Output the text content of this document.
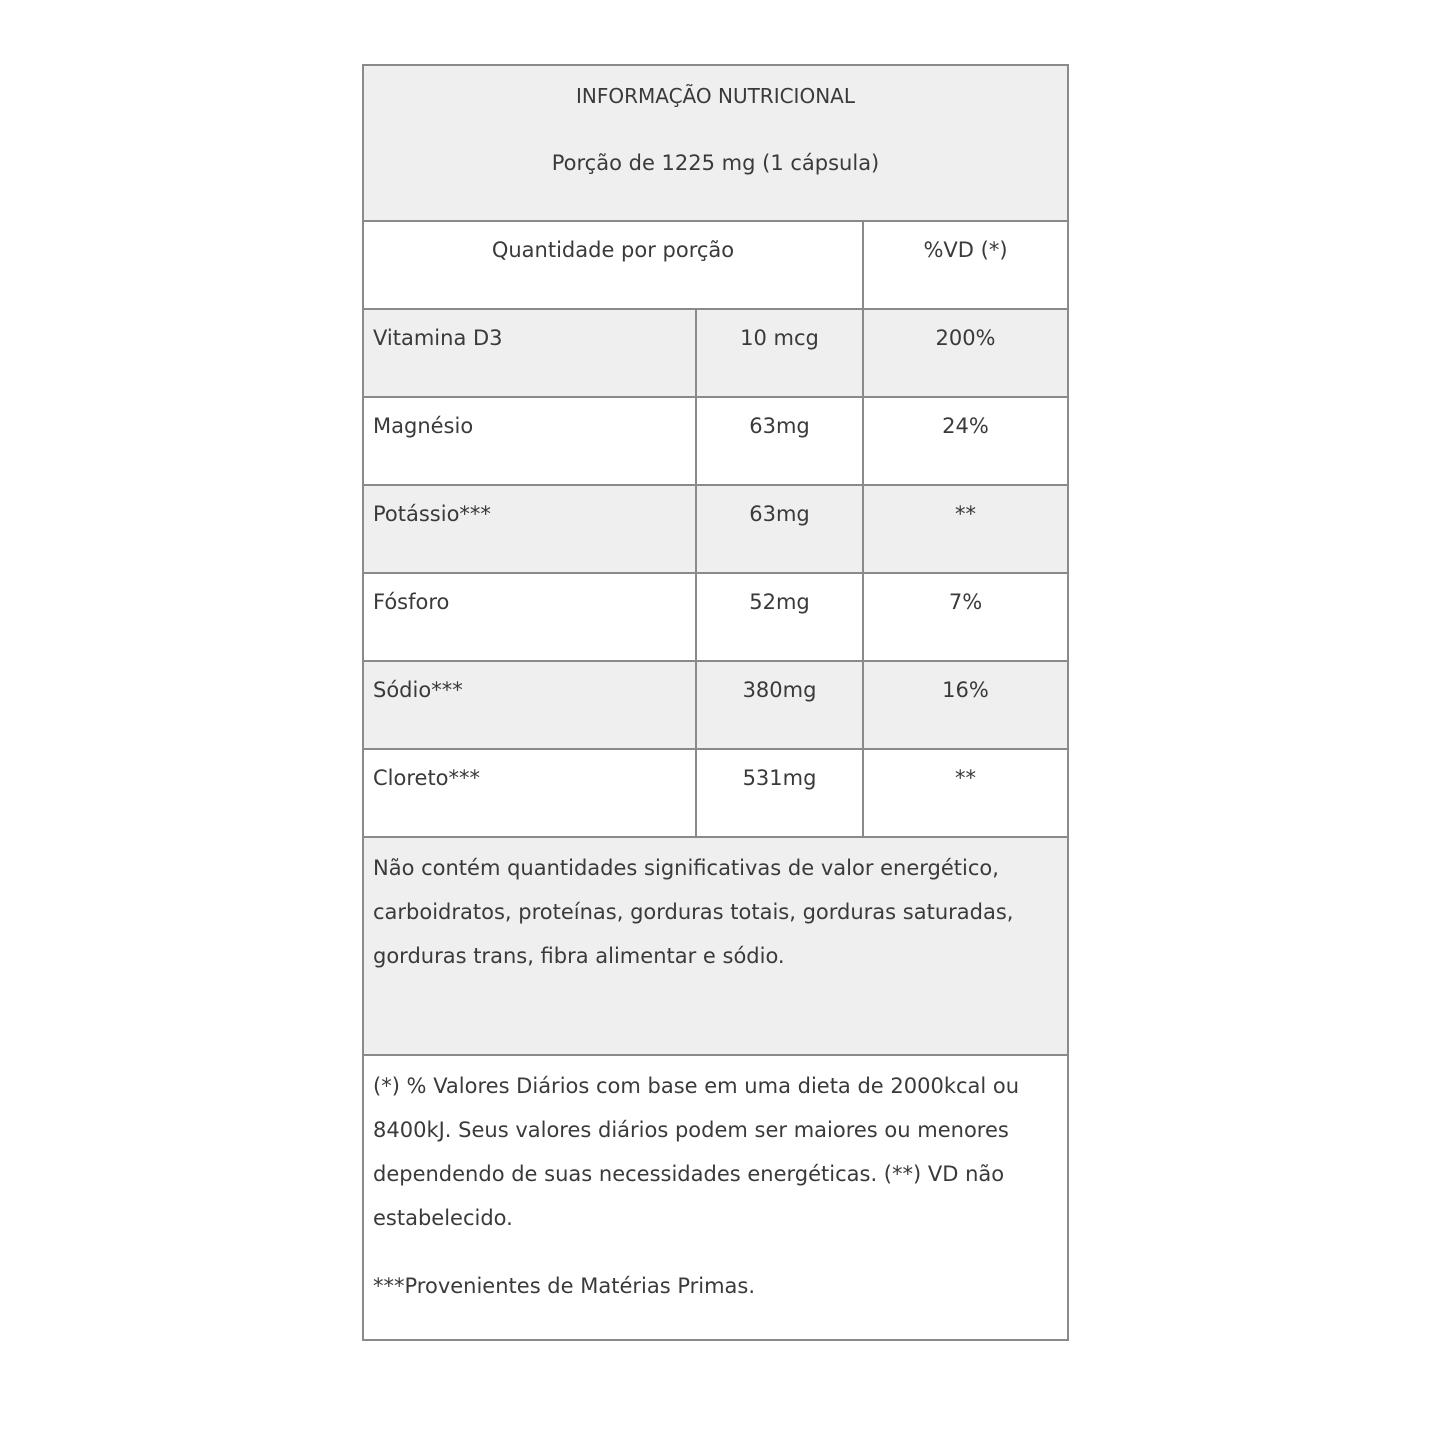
INFORMAÇÃO NUTRICIONAL
Porção de 1225 mg (1 cápsula)
Quantidade por porção	%VD (*)
Vitamina D3	10 mcg	200%
Magnésio	63mg	24%
Potássio***	63mg	**
Fósforo	52mg	7%
Sódio***	380mg	16%
Cloreto***	531mg	**
Não contém quantidades significativas de valor energético, carboidratos, proteínas, gorduras totais, gorduras saturadas, gorduras trans, fibra alimentar e sódio.
(*) % Valores Diários com base em uma dieta de 2000kcal ou 8400kJ. Seus valores diários podem ser maiores ou menores dependendo de suas necessidades energéticas. (**) VD não estabelecido.
***Provenientes de Matérias Primas.
